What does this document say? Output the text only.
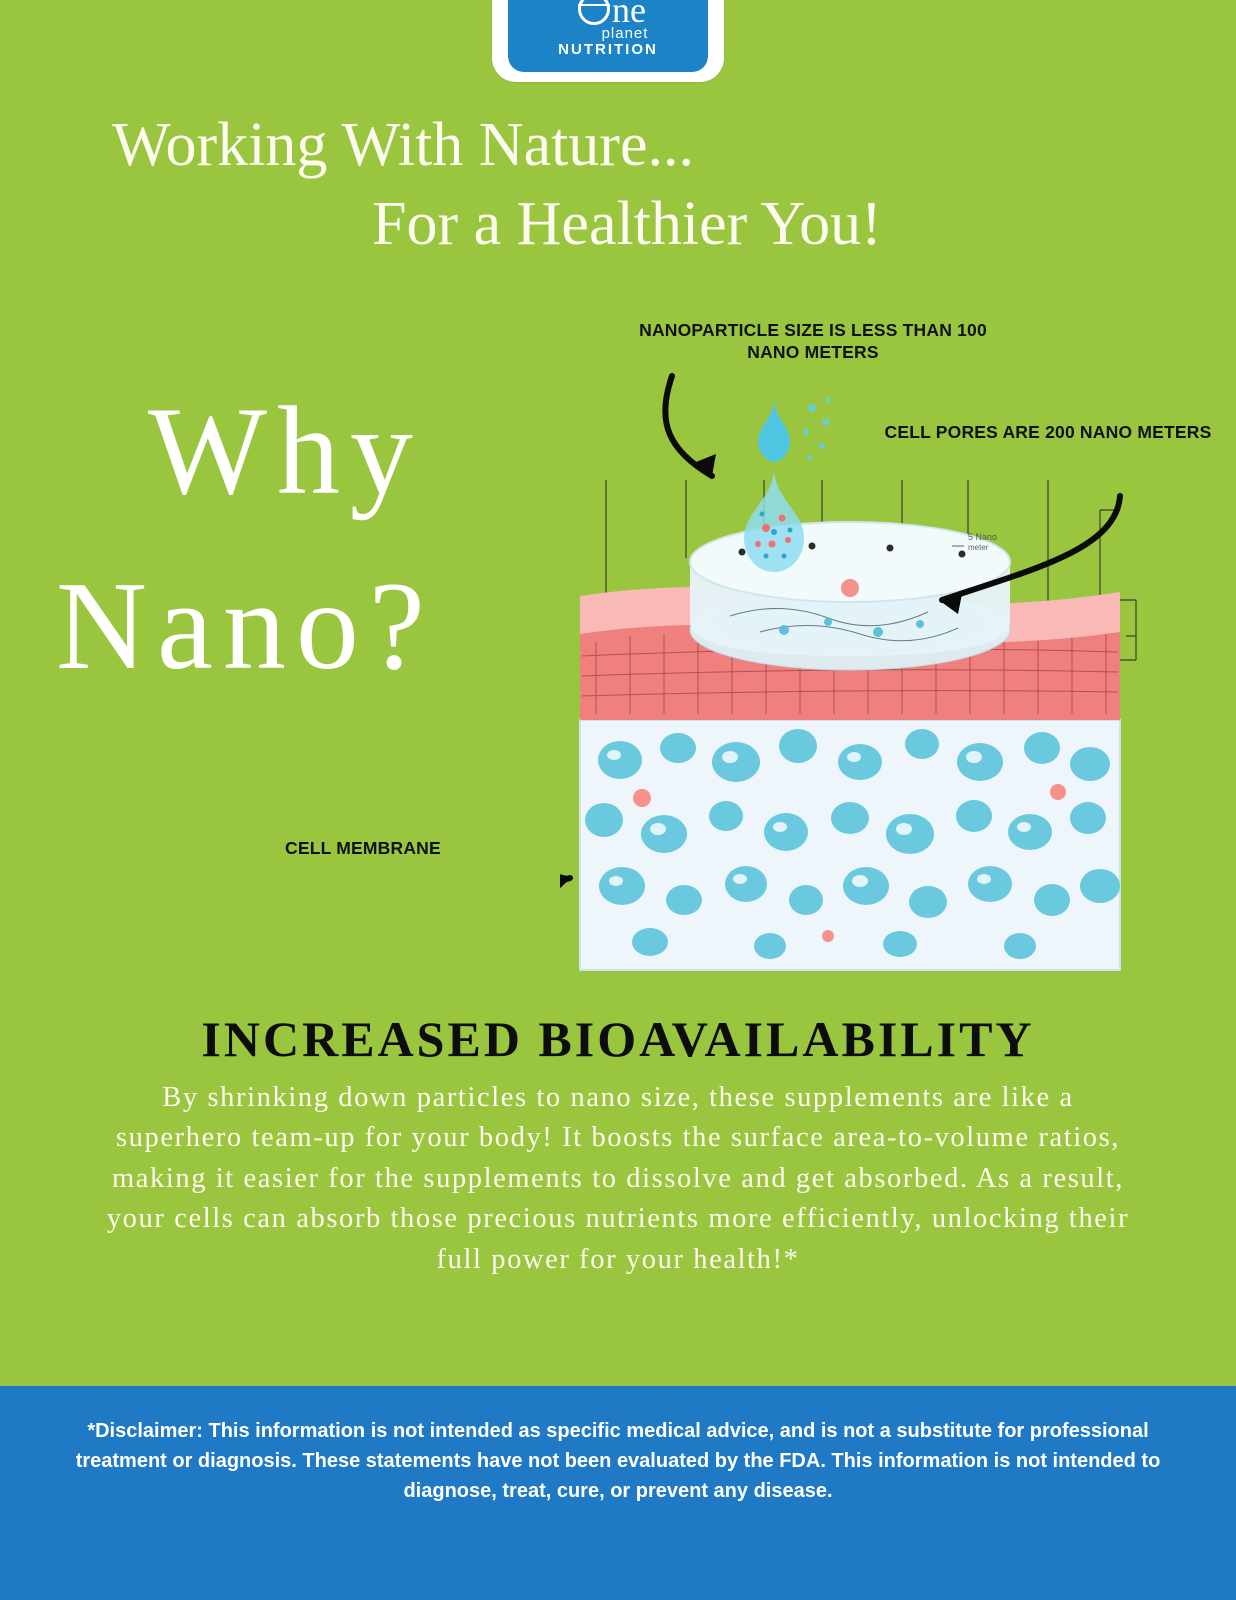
ne
planet
NUTRITION
Working With Nature...
For a Healthier You!
Why
Nano?
5 Nano
meter
NANOPARTICLE SIZE IS LESS THAN 100 NANO METERS
CELL PORES ARE 200 NANO METERS
CELL MEMBRANE
INCREASED BIOAVAILABILITY
By shrinking down particles to nano size, these supplements are like a superhero team-up for your body! It boosts the surface area-to-volume ratios, making it easier for the supplements to dissolve and get absorbed. As a result, your cells can absorb those precious nutrients more efficiently, unlocking their full power for your health!*
*Disclaimer: This information is not intended as specific medical advice, and is not a substitute for professional treatment or diagnosis. These statements have not been evaluated by the FDA. This information is not intended to diagnose, treat, cure, or prevent any disease.
